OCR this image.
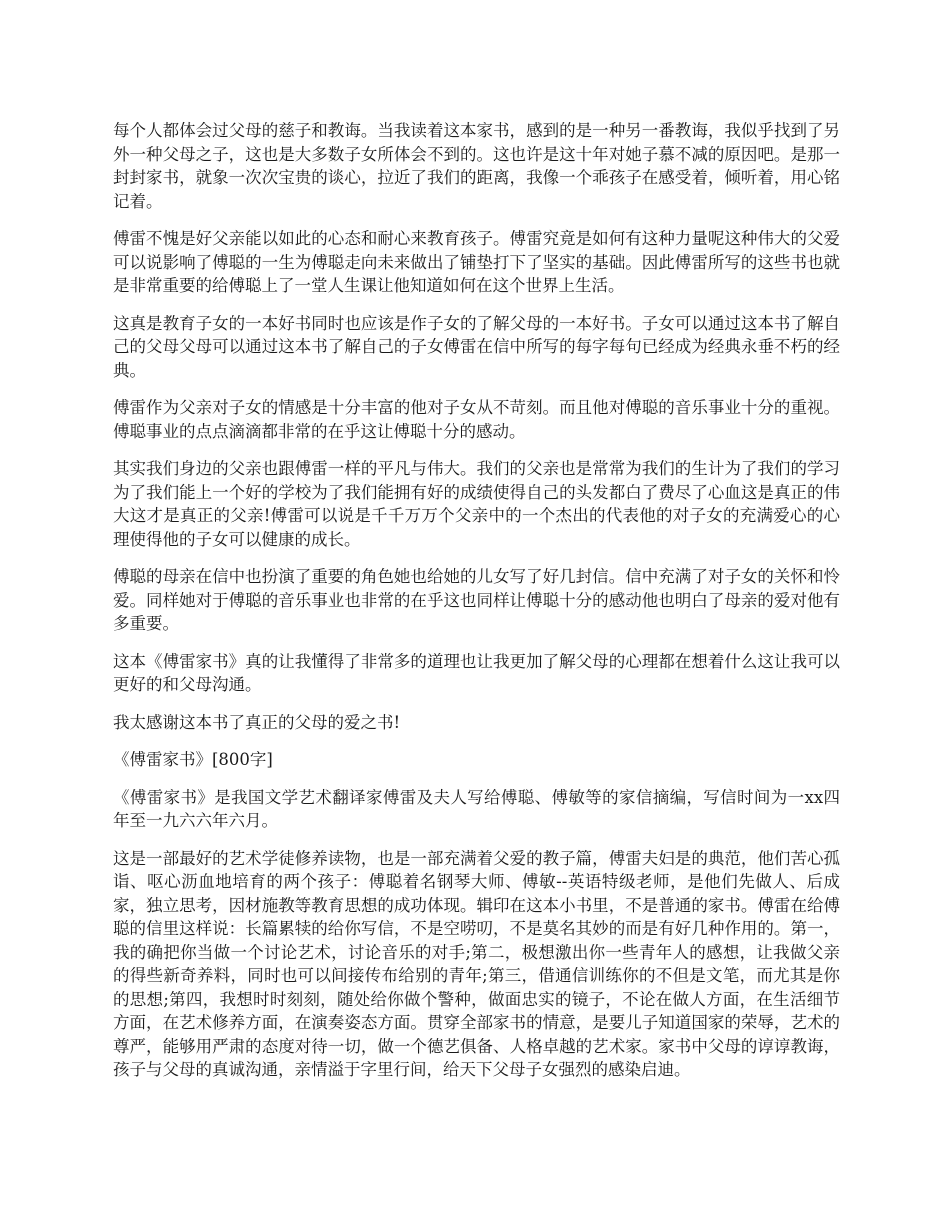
每个人都体会过父母的慈子和教诲。当我读着这本家书，感到的是一种另一番教诲，我似乎找到了另外一种父母之子，这也是大多数子女所体会不到的。这也许是这十年对她子慕不减的原因吧。是那一封封家书，就象一次次宝贵的谈心，拉近了我们的距离，我像一个乖孩子在感受着，倾听着，用心铭记着。

傅雷不愧是好父亲能以如此的心态和耐心来教育孩子。傅雷究竟是如何有这种力量呢这种伟大的父爱可以说影响了傅聪的一生为傅聪走向未来做出了铺垫打下了坚实的基础。因此傅雷所写的这些书也就是非常重要的给傅聪上了一堂人生课让他知道如何在这个世界上生活。

这真是教育子女的一本好书同时也应该是作子女的了解父母的一本好书。子女可以通过这本书了解自己的父母父母可以通过这本书了解自己的子女傅雷在信中所写的每字每句已经成为经典永垂不朽的经典。

傅雷作为父亲对子女的情感是十分丰富的他对子女从不苛刻。而且他对傅聪的音乐事业十分的重视。傅聪事业的点点滴滴都非常的在乎这让傅聪十分的感动。

其实我们身边的父亲也跟傅雷一样的平凡与伟大。我们的父亲也是常常为我们的生计为了我们的学习为了我们能上一个好的学校为了我们能拥有好的成绩使得自己的头发都白了费尽了心血这是真正的伟大这才是真正的父亲!傅雷可以说是千千万万个父亲中的一个杰出的代表他的对子女的充满爱心的心理使得他的子女可以健康的成长。

傅聪的母亲在信中也扮演了重要的角色她也给她的儿女写了好几封信。信中充满了对子女的关怀和怜爱。同样她对于傅聪的音乐事业也非常的在乎这也同样让傅聪十分的感动他也明白了母亲的爱对他有多重要。

这本《傅雷家书》真的让我懂得了非常多的道理也让我更加了解父母的心理都在想着什么这让我可以更好的和父母沟通。

我太感谢这本书了真正的父母的爱之书!

《傅雷家书》[800字]

《傅雷家书》是我国文学艺术翻译家傅雷及夫人写给傅聪、傅敏等的家信摘编，写信时间为一xx四年至一九六六年六月。

这是一部最好的艺术学徒修养读物，也是一部充满着父爱的教子篇，傅雷夫妇是的典范，他们苦心孤诣、呕心沥血地培育的两个孩子：傅聪着名钢琴大师、傅敏--英语特级老师，是他们先做人、后成家，独立思考，因材施教等教育思想的成功体现。辑印在这本小书里，不是普通的家书。傅雷在给傅聪的信里这样说：长篇累犊的给你写信，不是空唠叨，不是莫名其妙的而是有好几种作用的。第一，我的确把你当做一个讨论艺术，讨论音乐的对手;第二，极想激出你一些青年人的感想，让我做父亲的得些新奇养料，同时也可以间接传布给别的青年;第三，借通信训练你的不但是文笔，而尤其是你的思想;第四，我想时时刻刻，随处给你做个警种，做面忠实的镜子，不论在做人方面，在生活细节方面，在艺术修养方面，在演奏姿态方面。贯穿全部家书的情意，是要儿子知道国家的荣辱，艺术的尊严，能够用严肃的态度对待一切，做一个德艺俱备、人格卓越的艺术家。家书中父母的谆谆教诲，孩子与父母的真诚沟通，亲情溢于字里行间，给天下父母子女强烈的感染启迪。
